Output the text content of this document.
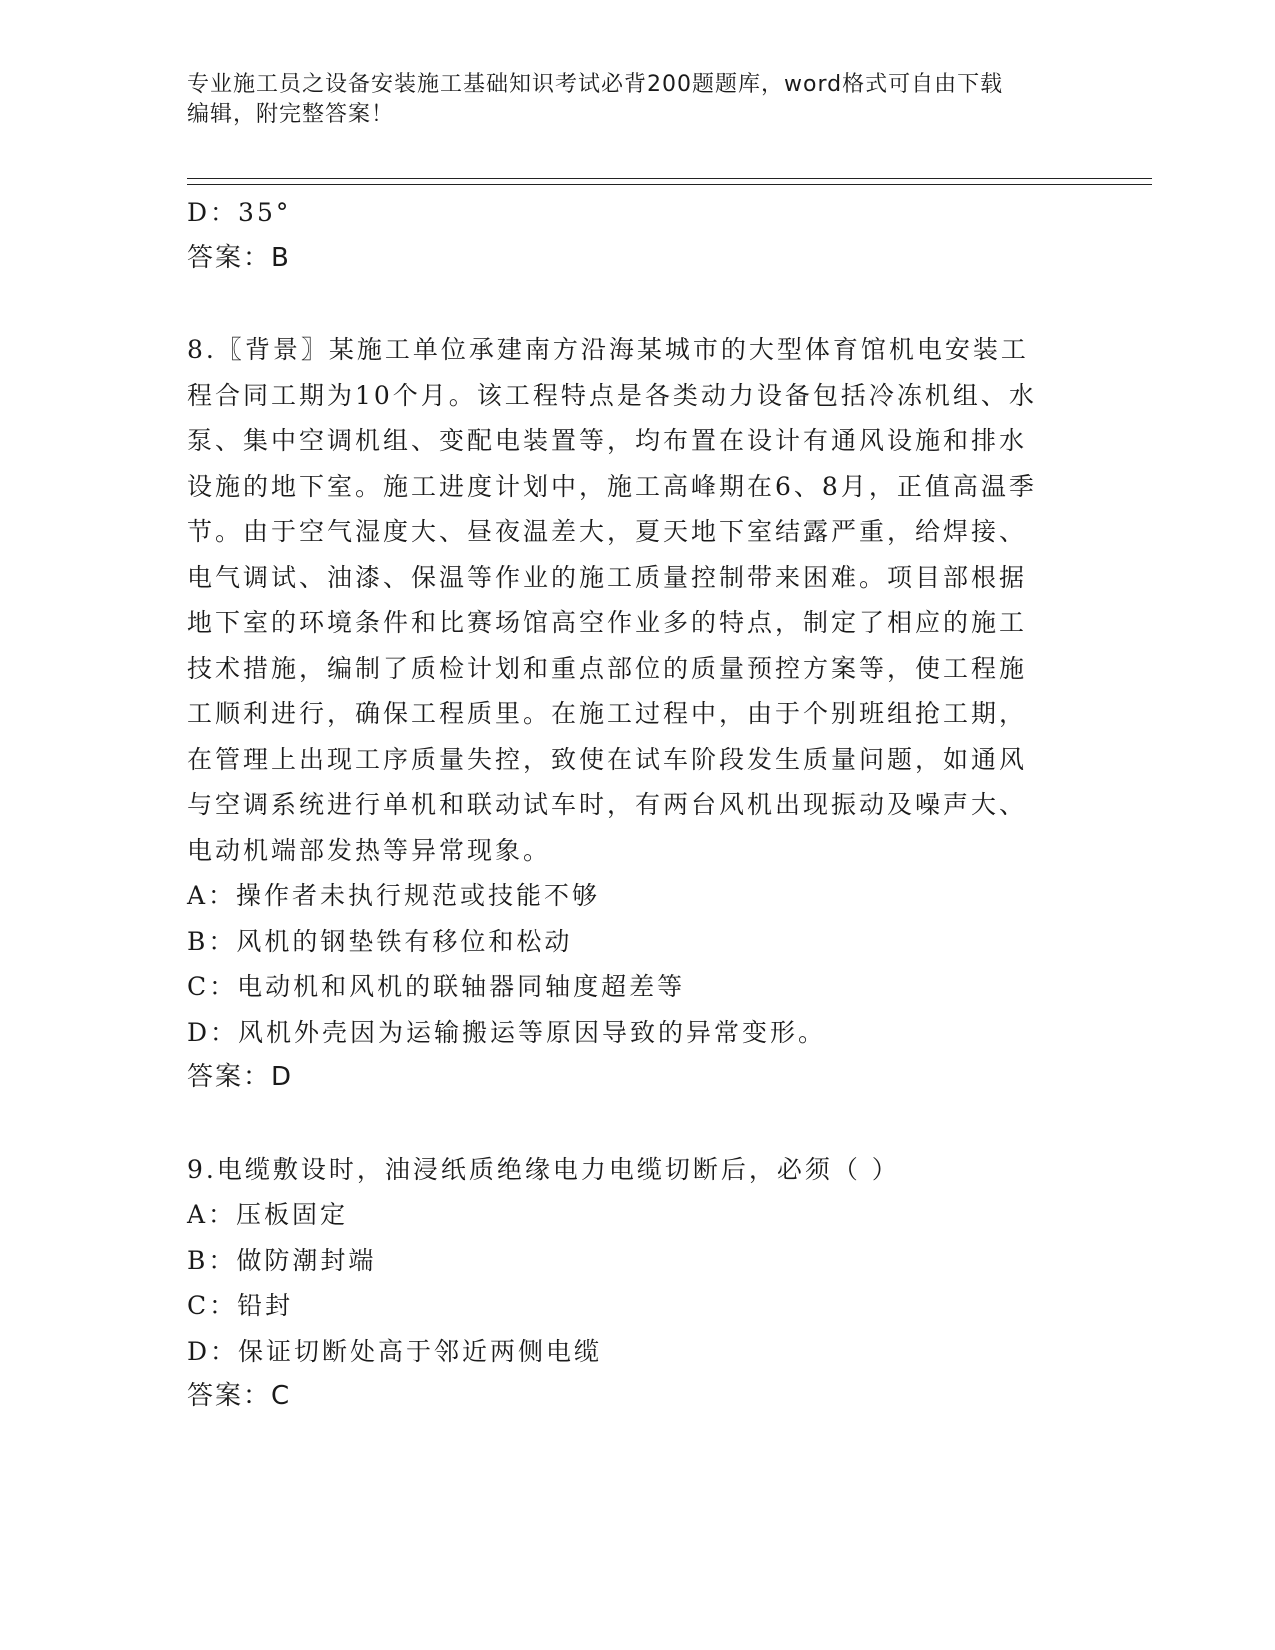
专业施工员之设备安装施工基础知识考试必背200题题库，word格式可自由下载
编辑，附完整答案！
D：35°
答案：B
8.〖背景〗某施工单位承建南方沿海某城市的大型体育馆机电安装工
程合同工期为10个月。该工程特点是各类动力设备包括冷冻机组、水
泵、集中空调机组、变配电装置等，均布置在设计有通风设施和排水
设施的地下室。施工进度计划中，施工高峰期在6、8月，正值高温季
节。由于空气湿度大、昼夜温差大，夏天地下室结露严重，给焊接、
电气调试、油漆、保温等作业的施工质量控制带来困难。项目部根据
地下室的环境条件和比赛场馆高空作业多的特点，制定了相应的施工
技术措施，编制了质检计划和重点部位的质量预控方案等，使工程施
工顺利进行，确保工程质里。在施工过程中，由于个别班组抢工期，
在管理上出现工序质量失控，致使在试车阶段发生质量问题，如通风
与空调系统进行单机和联动试车时，有两台风机出现振动及噪声大、
电动机端部发热等异常现象。
A：操作者未执行规范或技能不够
B：风机的钢垫铁有移位和松动
C：电动机和风机的联轴器同轴度超差等
D：风机外壳因为运输搬运等原因导致的异常变形。
答案：D
9.电缆敷设时，油浸纸质绝缘电力电缆切断后，必须（ ）
A：压板固定
B：做防潮封端
C：铅封
D：保证切断处高于邻近两侧电缆
答案：C
